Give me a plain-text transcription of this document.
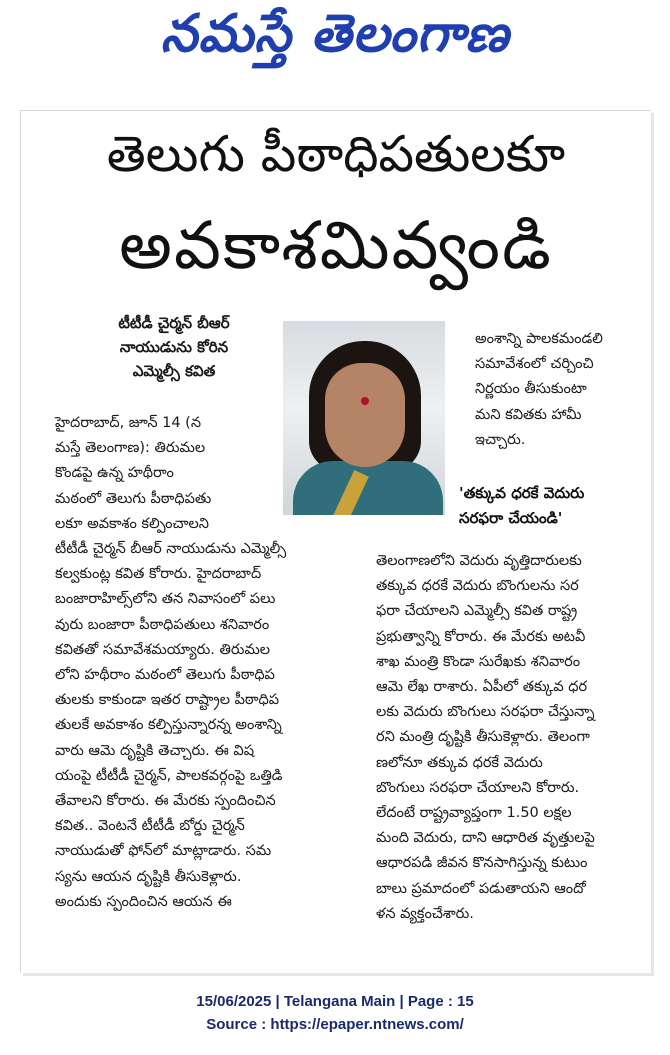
నమస్తే తెలంగాణ
తెలుగు పీఠాధిపతులకూ
అవకాశమివ్వండి
టీటీడీ చైర్మన్ బీఆర్
నాయుడును కోరిన
ఎమ్మెల్సీ కవిత
హైదరాబాద్, జూన్ 14 (న
మస్తే తెలంగాణ): తిరుమల
కొండపై ఉన్న హథీరాం
మఠంలో తెలుగు పీఠాధిపతు
లకూ అవకాశం కల్పించాలని
టీటీడీ చైర్మన్ బీఆర్ నాయుడును ఎమ్మెల్సీ
కల్వకుంట్ల కవిత కోరారు. హైదరాబాద్
బంజారాహిల్స్‌లోని తన నివాసంలో పలు
వురు బంజారా పీఠాధిపతులు శనివారం
కవితతో సమావేశమయ్యారు. తిరుమల
లోని హథీరాం మఠంలో తెలుగు పీఠాధిప
తులకు కాకుండా ఇతర రాష్ట్రాల పీఠాధిప
తులకే అవకాశం కల్పిస్తున్నారన్న అంశాన్ని
వారు ఆమె దృష్టికి తెచ్చారు. ఈ విష
యంపై టీటీడీ చైర్మన్, పాలకవర్గంపై ఒత్తిడి
తేవాలని కోరారు. ఈ మేరకు స్పందించిన
కవిత.. వెంటనే టీటీడీ బోర్డు చైర్మన్
నాయుడుతో ఫోన్‌లో మాట్లాడారు. సమ
స్యను ఆయన దృష్టికి తీసుకెళ్లారు.
అందుకు స్పందించిన ఆయన ఈ
అంశాన్ని పాలకమండలి
సమావేశంలో చర్చించి
నిర్ణయం తీసుకుంటా
మని కవితకు హామీ
ఇచ్చారు.
'తక్కువ ధరకే వెదురు
సరఫరా చేయండి'
తెలంగాణలోని వెదురు వృత్తిదారులకు
తక్కువ ధరకే వెదురు బొంగులను సర
ఫరా చేయాలని ఎమ్మెల్సీ కవిత రాష్ట్ర
ప్రభుత్వాన్ని కోరారు. ఈ మేరకు అటవీ
శాఖ మంత్రి కొండా సురేఖకు శనివారం
ఆమె లేఖ రాశారు. ఏపీలో తక్కువ ధర
లకు వెదురు బొంగులు సరఫరా చేస్తున్నా
రని మంత్రి దృష్టికి తీసుకెళ్లారు. తెలంగా
ణలోనూ తక్కువ ధరకే వెదురు
బొంగులు సరఫరా చేయాలని కోరారు.
లేదంటే రాష్ట్రవ్యాప్తంగా 1.50 లక్షల
మంది వెదురు, దాని ఆధారిత వృత్తులపై
ఆధారపడి జీవన కొనసాగిస్తున్న కుటుం
బాలు ప్రమాదంలో పడుతాయని ఆందో
ళన వ్యక్తంచేశారు.
15/06/2025 | Telangana Main | Page : 15
Source : https://epaper.ntnews.com/
